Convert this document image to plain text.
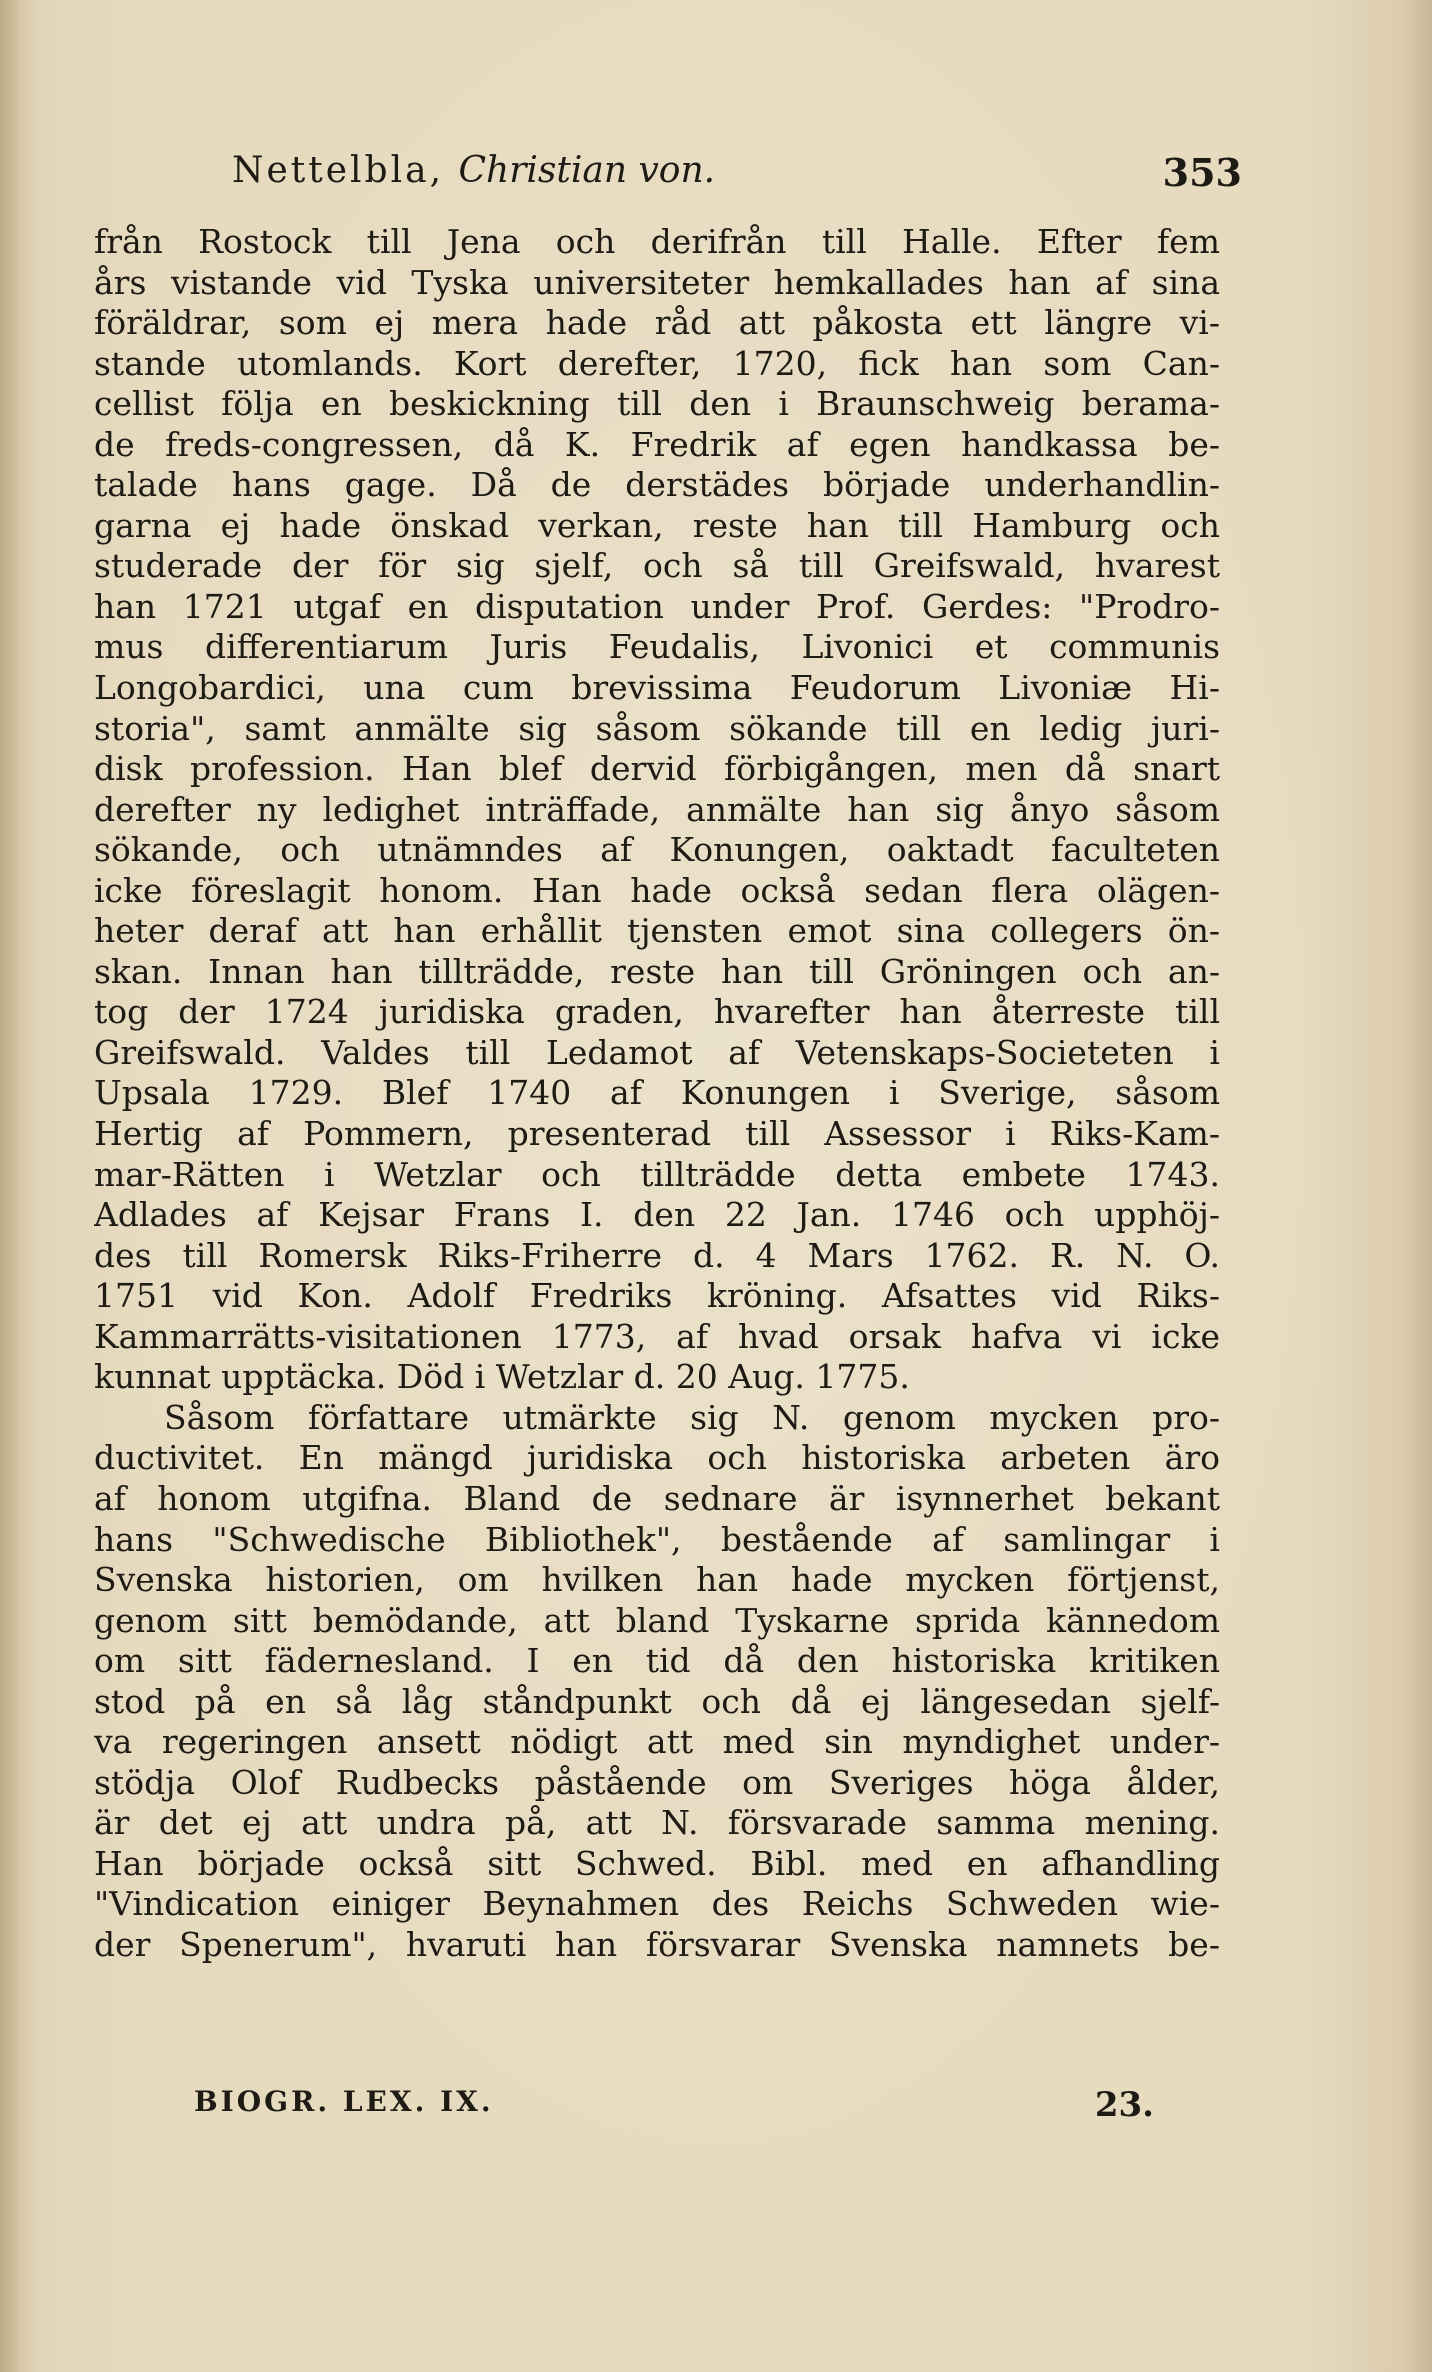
Nettelbla, Christian von.	353
från Rostock till Jena och derifrån till Halle. Efter fem
års vistande vid Tyska universiteter hemkallades han af sina
föräldrar, som ej mera hade råd att påkosta ett längre vi-
stande utomlands. Kort derefter, 1720, fick han som Can-
cellist följa en beskickning till den i Braunschweig berama-
de freds-congressen, då K. Fredrik af egen handkassa be-
talade hans gage. Då de derstädes började underhandlin-
garna ej hade önskad verkan, reste han till Hamburg och
studerade der för sig sjelf, och så till Greifswald, hvarest
han 1721 utgaf en disputation under Prof. Gerdes: "Prodro-
mus differentiarum Juris Feudalis, Livonici et communis
Longobardici, una cum brevissima Feudorum Livoniæ Hi-
storia", samt anmälte sig såsom sökande till en ledig juri-
disk profession. Han blef dervid förbigången, men då snart
derefter ny ledighet inträffade, anmälte han sig ånyo såsom
sökande, och utnämndes af Konungen, oaktadt faculteten
icke föreslagit honom. Han hade också sedan flera olägen-
heter deraf att han erhållit tjensten emot sina collegers ön-
skan. Innan han tillträdde, reste han till Gröningen och an-
tog der 1724 juridiska graden, hvarefter han återreste till
Greifswald. Valdes till Ledamot af Vetenskaps-Societeten i
Upsala 1729. Blef 1740 af Konungen i Sverige, såsom
Hertig af Pommern, presenterad till Assessor i Riks-Kam-
mar-Rätten i Wetzlar och tillträdde detta embete 1743.
Adlades af Kejsar Frans I. den 22 Jan. 1746 och upphöj-
des till Romersk Riks-Friherre d. 4 Mars 1762. R. N. O.
1751 vid Kon. Adolf Fredriks kröning. Afsattes vid Riks-
Kammarrätts-visitationen 1773, af hvad orsak hafva vi icke
kunnat upptäcka. Död i Wetzlar d. 20 Aug. 1775.
Såsom författare utmärkte sig N. genom mycken pro-
ductivitet. En mängd juridiska och historiska arbeten äro
af honom utgifna. Bland de sednare är isynnerhet bekant
hans "Schwedische Bibliothek", bestående af samlingar i
Svenska historien, om hvilken han hade mycken förtjenst,
genom sitt bemödande, att bland Tyskarne sprida kännedom
om sitt fädernesland. I en tid då den historiska kritiken
stod på en så låg ståndpunkt och då ej längesedan sjelf-
va regeringen ansett nödigt att med sin myndighet under-
stödja Olof Rudbecks påstående om Sveriges höga ålder,
är det ej att undra på, att N. försvarade samma mening.
Han började också sitt Schwed. Bibl. med en afhandling
"Vindication einiger Beynahmen des Reichs Schweden wie-
der Spenerum", hvaruti han försvarar Svenska namnets be-
BIOGR. LEX. IX.	23.
